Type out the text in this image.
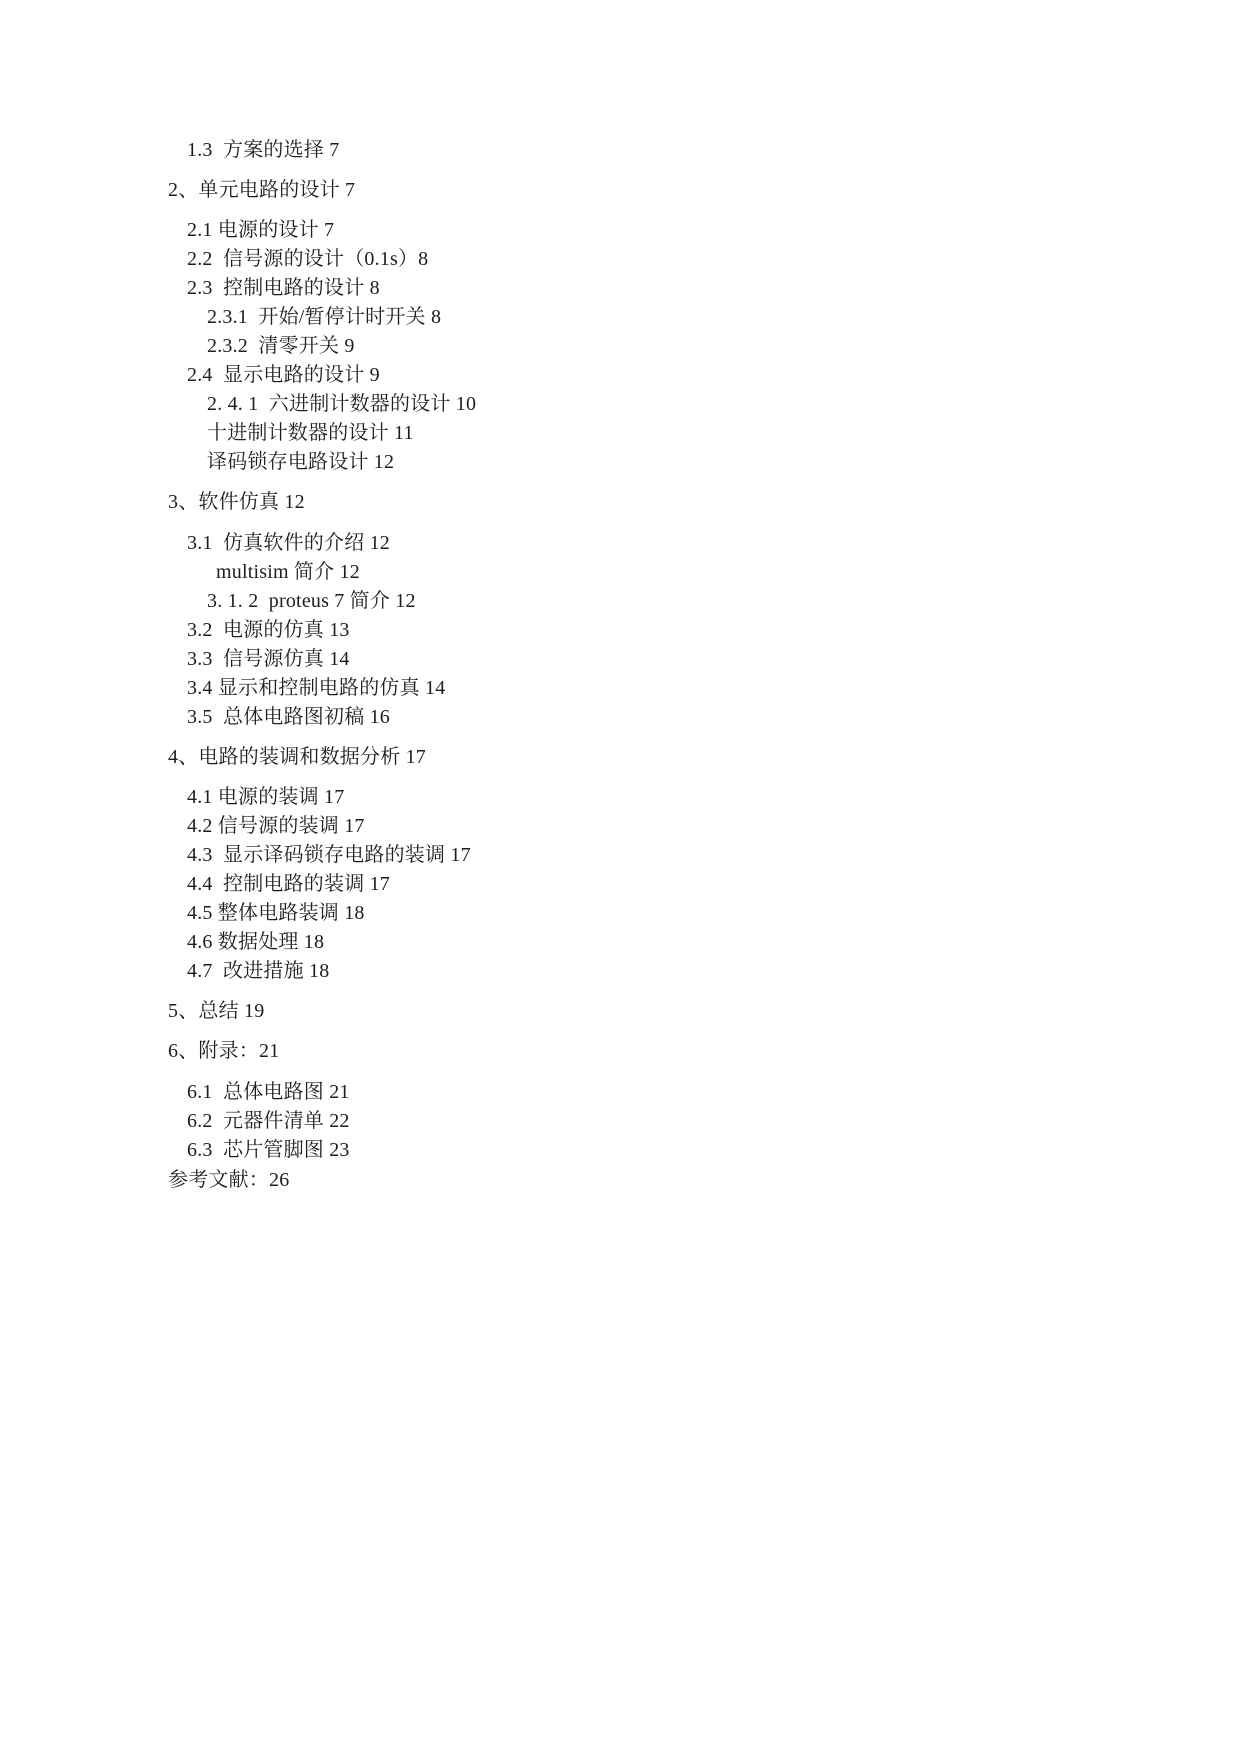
1.3  方案的选择 7
2、单元电路的设计 7
2.1 电源的设计 7
2.2  信号源的设计（0.1s）8
2.3  控制电路的设计 8
2.3.1  开始/暂停计时开关 8
2.3.2  清零开关 9
2.4  显示电路的设计 9
2. 4. 1  六进制计数器的设计 10
十进制计数器的设计 11
译码锁存电路设计 12
3、软件仿真 12
3.1  仿真软件的介绍 12
multisim 简介 12
3. 1. 2  proteus 7 简介 12
3.2  电源的仿真 13
3.3  信号源仿真 14
3.4 显示和控制电路的仿真 14
3.5  总体电路图初稿 16
4、电路的装调和数据分析 17
4.1 电源的装调 17
4.2 信号源的装调 17
4.3  显示译码锁存电路的装调 17
4.4  控制电路的装调 17
4.5 整体电路装调 18
4.6 数据处理 18
4.7  改进措施 18
5、总结 19
6、附录：21
6.1  总体电路图 21
6.2  元器件清单 22
6.3  芯片管脚图 23
参考文献：26
